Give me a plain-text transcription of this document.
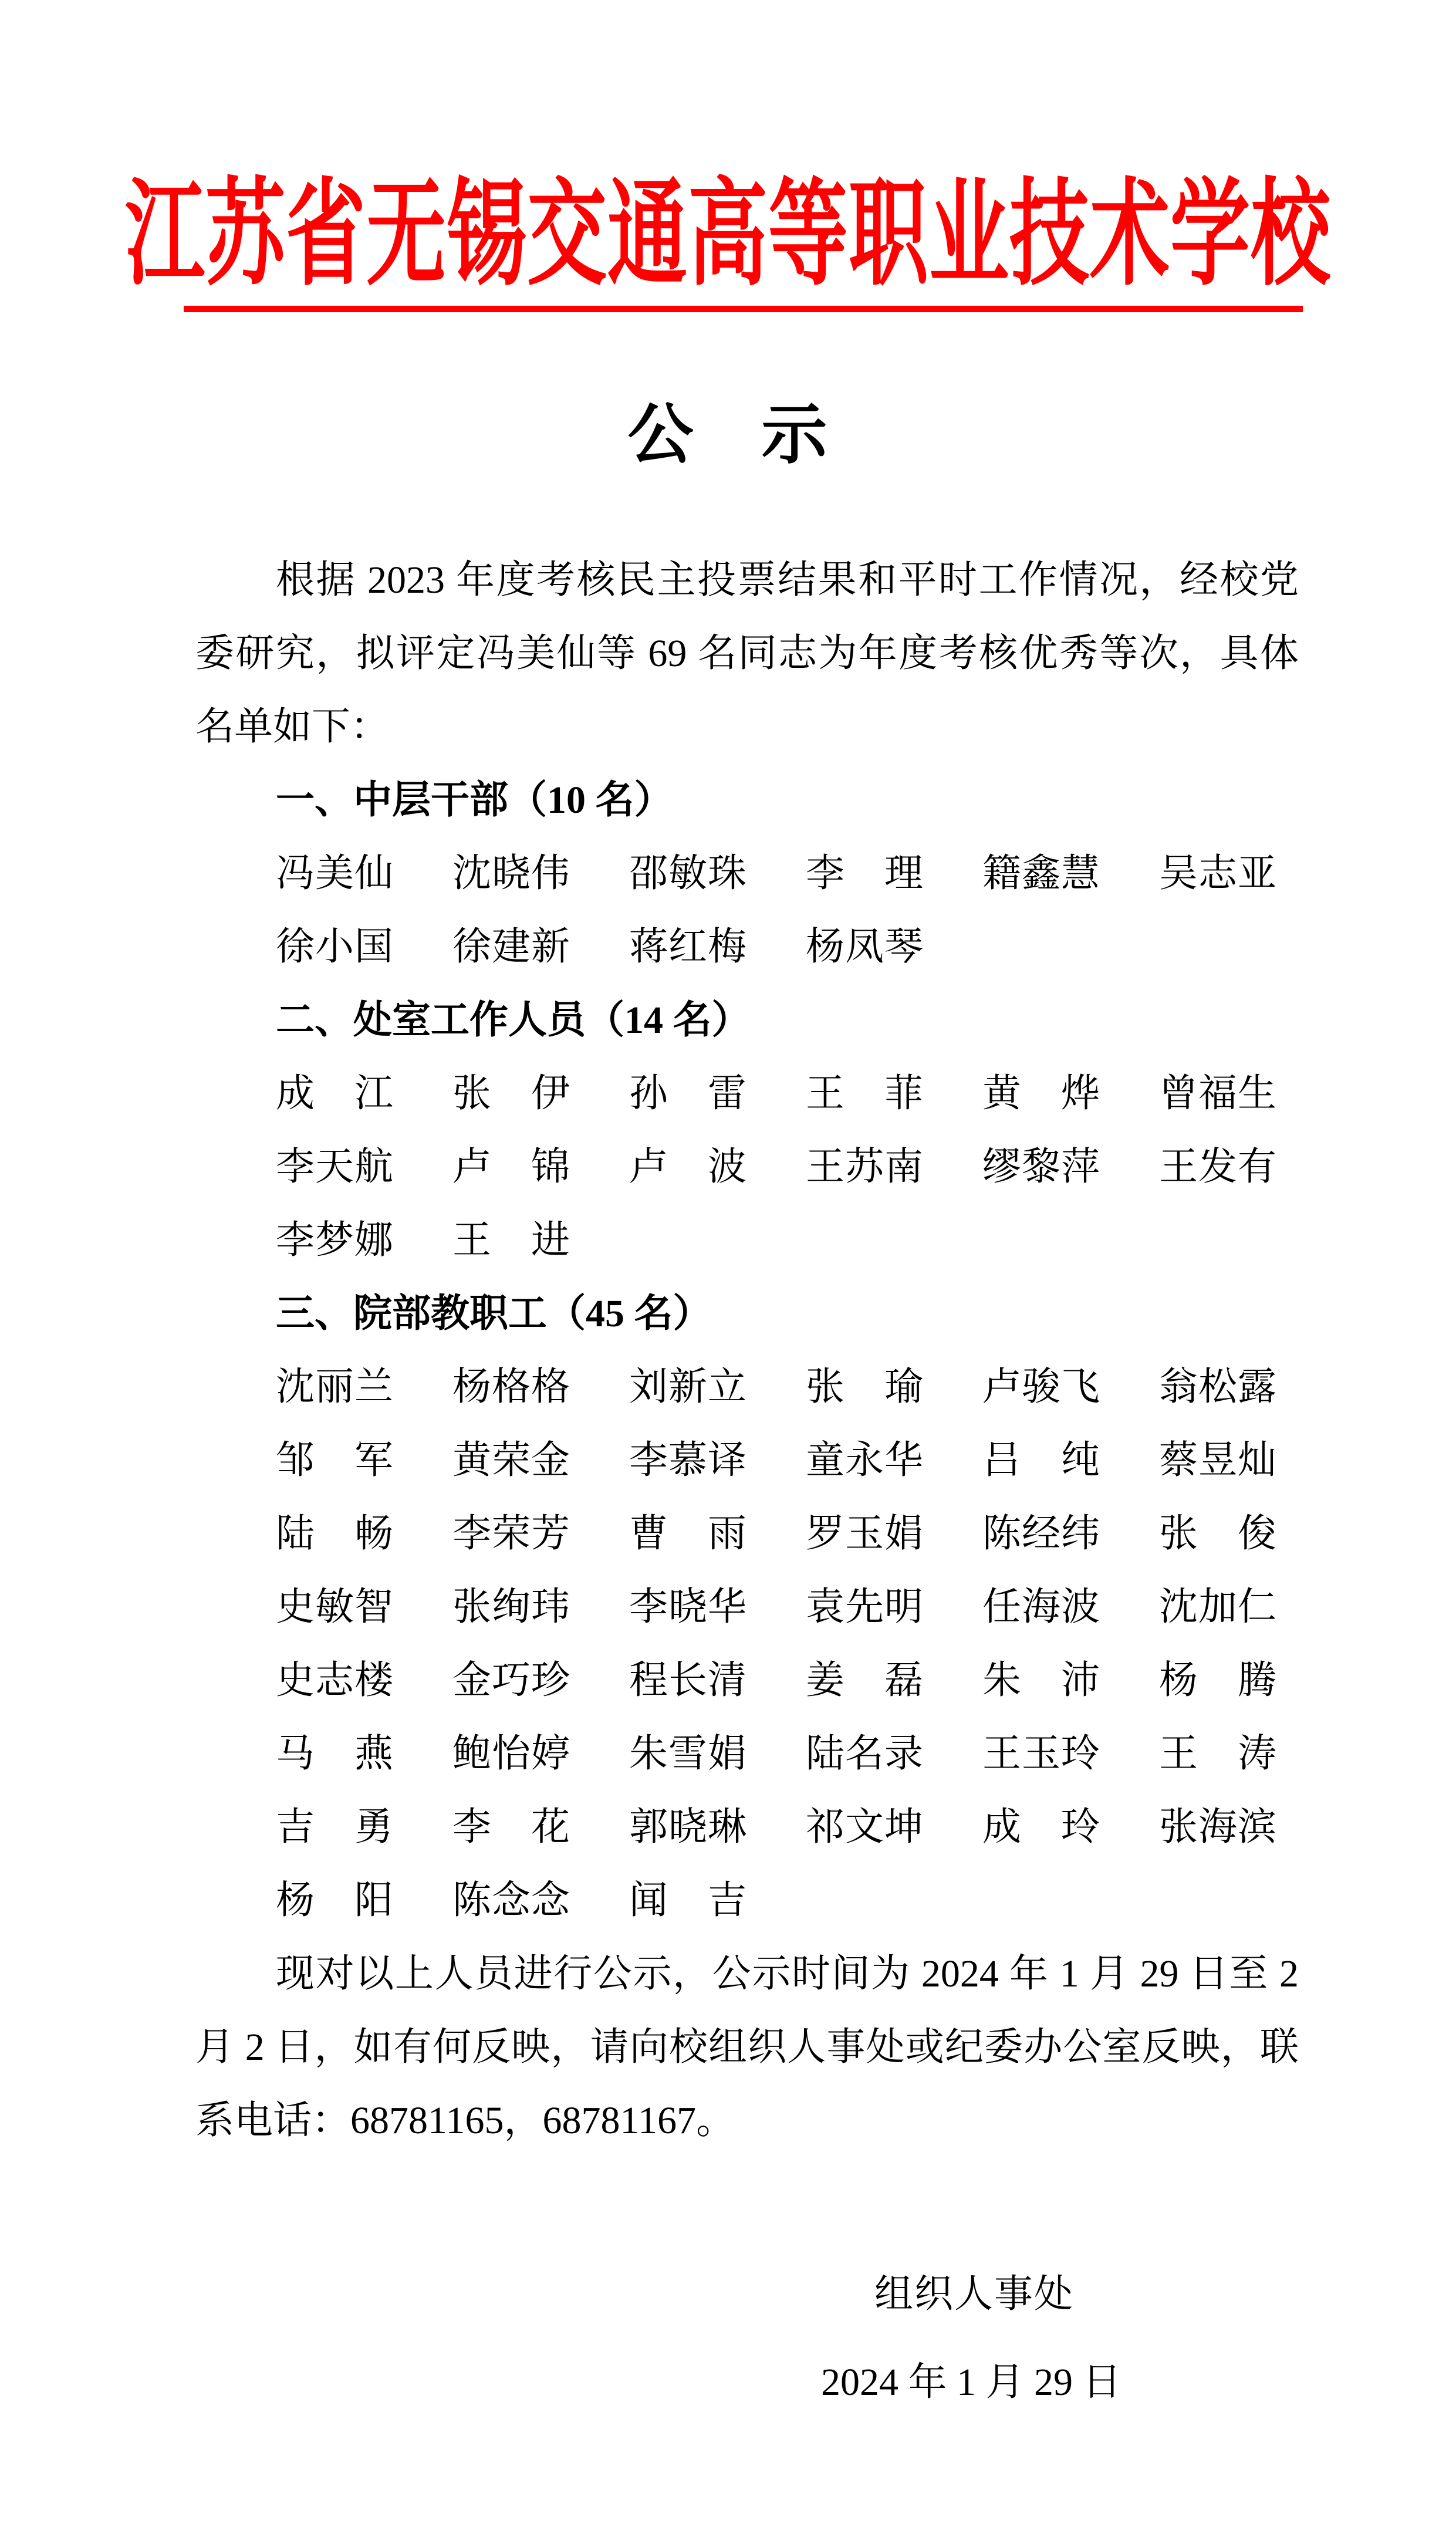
江苏省无锡交通高等职业技术学校
公　示
根据 2023 年度考核民主投票结果和平时工作情况，经校党
委研究，拟评定冯美仙等 69 名同志为年度考核优秀等次，具体
名单如下：
一、中层干部（10 名）
冯美仙 沈晓伟 邵敏珠 李理 籍鑫慧 吴志亚
徐小国 徐建新 蒋红梅 杨凤琴
二、处室工作人员（14 名）
成江 张伊 孙雷 王菲 黄烨 曾福生
李天航 卢锦 卢波 王苏南 缪黎萍 王发有
李梦娜 王进
三、院部教职工（45 名）
沈丽兰 杨格格 刘新立 张瑜 卢骏飞 翁松露
邹军 黄荣金 李慕译 童永华 吕纯 蔡昱灿
陆畅 李荣芳 曹雨 罗玉娟 陈经纬 张俊
史敏智 张绚玮 李晓华 袁先明 任海波 沈加仁
史志楼 金巧珍 程长清 姜磊 朱沛 杨腾
马燕 鲍怡婷 朱雪娟 陆名录 王玉玲 王涛
吉勇 李花 郭晓琳 祁文坤 成玲 张海滨
杨阳 陈念念 闻吉
现对以上人员进行公示，公示时间为 2024 年 1 月 29 日至 2
月 2 日，如有何反映，请向校组织人事处或纪委办公室反映，联
系电话：68781165，68781167。
组织人事处
2024 年 1 月 29 日
